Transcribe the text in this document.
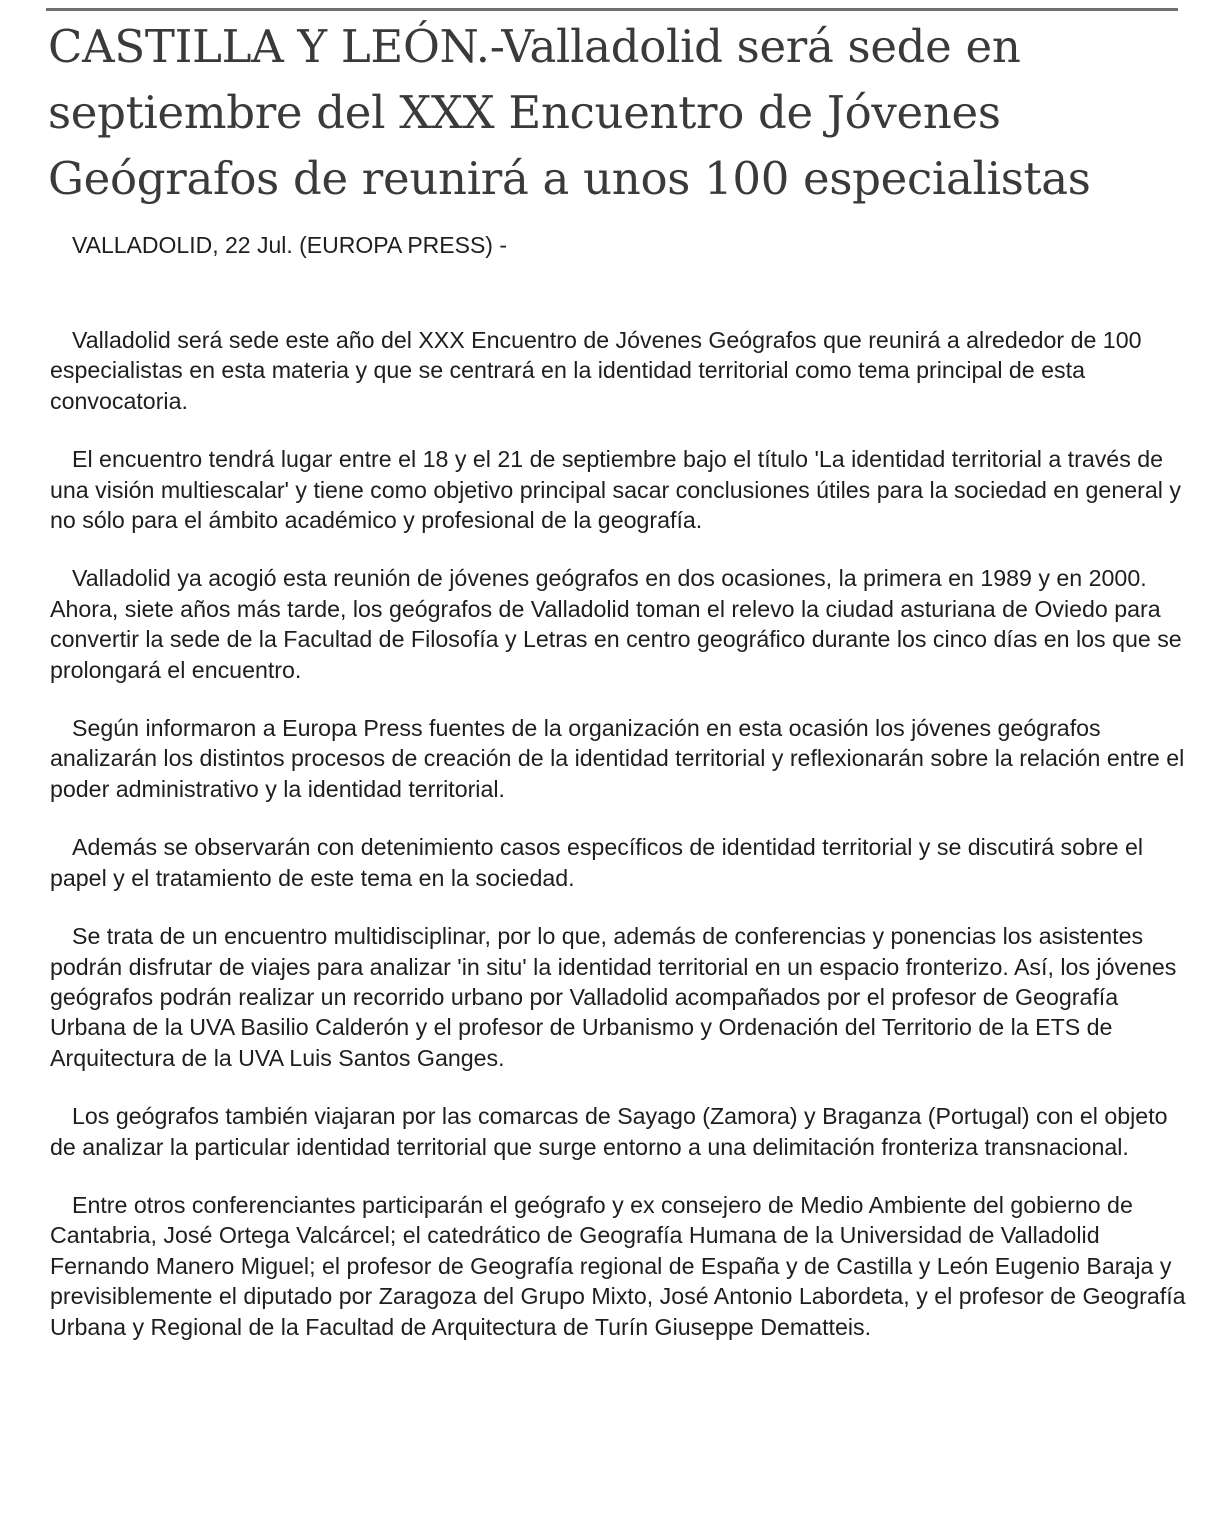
CASTILLA Y LEÓN.-Valladolid será sede en
septiembre del XXX Encuentro de Jóvenes
Geógrafos de reunirá a unos 100 especialistas

VALLADOLID, 22 Jul. (EUROPA PRESS) -

Valladolid será sede este año del XXX Encuentro de Jóvenes Geógrafos que reunirá a alrededor de 100 especialistas en esta materia y que se centrará en la identidad territorial como tema principal de esta convocatoria.

El encuentro tendrá lugar entre el 18 y el 21 de septiembre bajo el título 'La identidad territorial a través de una visión multiescalar' y tiene como objetivo principal sacar conclusiones útiles para la sociedad en general y no sólo para el ámbito académico y profesional de la geografía.

Valladolid ya acogió esta reunión de jóvenes geógrafos en dos ocasiones, la primera en 1989 y en 2000. Ahora, siete años más tarde, los geógrafos de Valladolid toman el relevo la ciudad asturiana de Oviedo para convertir la sede de la Facultad de Filosofía y Letras en centro geográfico durante los cinco días en los que se prolongará el encuentro.

Según informaron a Europa Press fuentes de la organización en esta ocasión los jóvenes geógrafos analizarán los distintos procesos de creación de la identidad territorial y reflexionarán sobre la relación entre el poder administrativo y la identidad territorial.

Además se observarán con detenimiento casos específicos de identidad territorial y se discutirá sobre el papel y el tratamiento de este tema en la sociedad.

Se trata de un encuentro multidisciplinar, por lo que, además de conferencias y ponencias los asistentes podrán disfrutar de viajes para analizar 'in situ' la identidad territorial en un espacio fronterizo. Así, los jóvenes geógrafos podrán realizar un recorrido urbano por Valladolid acompañados por el profesor de Geografía Urbana de la UVA Basilio Calderón y el profesor de Urbanismo y Ordenación del Territorio de la ETS de Arquitectura de la UVA Luis Santos Ganges.

Los geógrafos también viajaran por las comarcas de Sayago (Zamora) y Braganza (Portugal) con el objeto de analizar la particular identidad territorial que surge entorno a una delimitación fronteriza transnacional.

Entre otros conferenciantes participarán el geógrafo y ex consejero de Medio Ambiente del gobierno de Cantabria, José Ortega Valcárcel; el catedrático de Geografía Humana de la Universidad de Valladolid Fernando Manero Miguel; el profesor de Geografía regional de España y de Castilla y León Eugenio Baraja y previsiblemente el diputado por Zaragoza del Grupo Mixto, José Antonio Labordeta, y el profesor de Geografía Urbana y Regional de la Facultad de Arquitectura de Turín Giuseppe Dematteis.
